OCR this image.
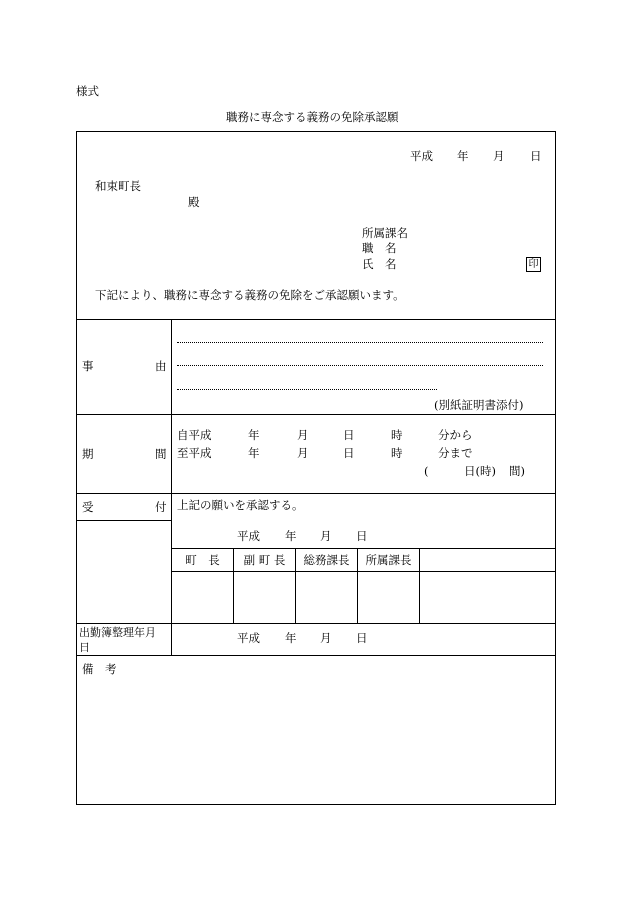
様式
職務に専念する義務の免除承認願
平成 年 月 日
和束町長
殿
所属課名
職　名
氏　名	印
下記により、職務に専念する義務の免除をご承認願います。
事	由
(別紙証明書添付)
期	間
自平成	年	月	日	時	分から
至平成	年	月	日	時	分まで
(	日(時) 間)
受	付 上記の願いを承認する。
平成 年 月 日
町　長	副 町 長	総務課長	所属課長
出勤簿整理年月
日
平成 年 月 日
備　考
